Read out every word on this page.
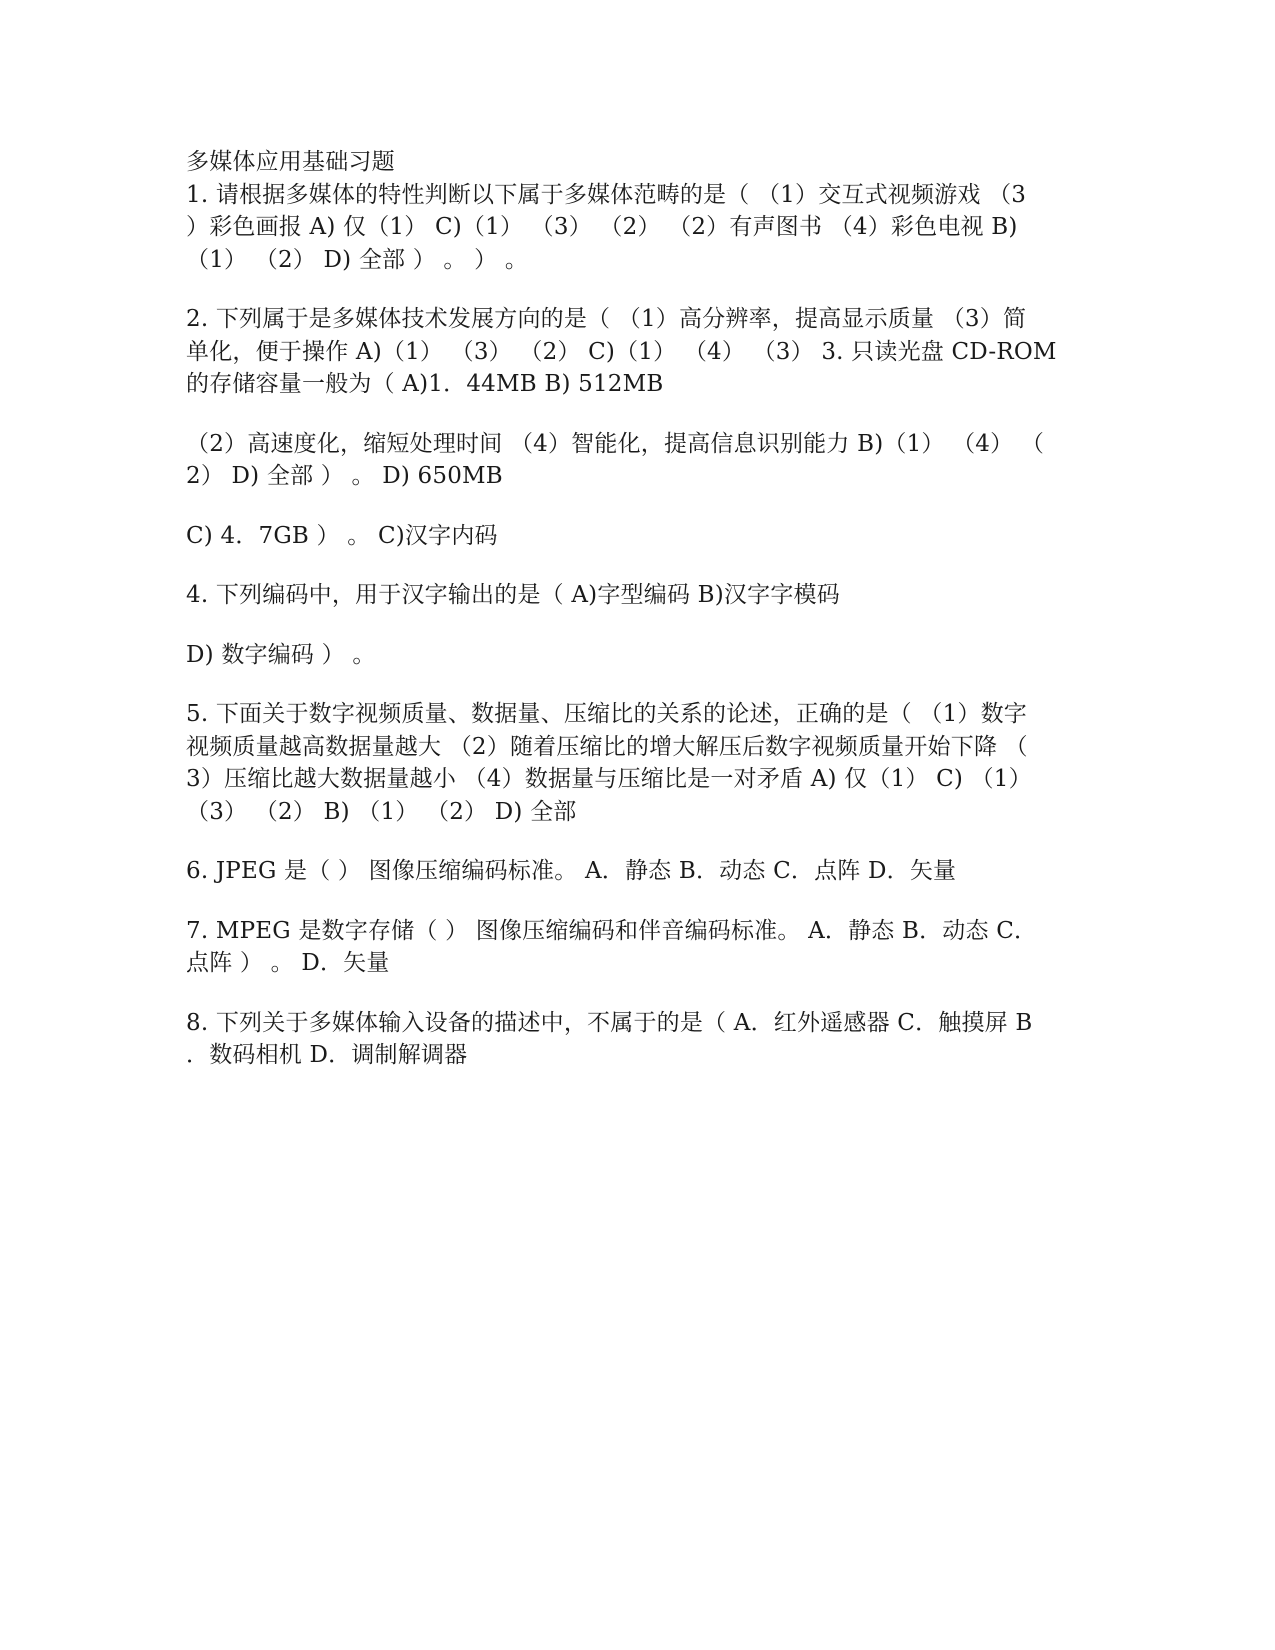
多媒体应用基础习题
1. 请根据多媒体的特性判断以下属于多媒体范畴的是（ （1）交互式视频游戏 （3
）彩色画报 A) 仅（1） C)（1） （3） （2） （2）有声图书 （4）彩色电视 B)
（1） （2） D) 全部 ） 。 ） 。
2. 下列属于是多媒体技术发展方向的是（ （1）高分辨率，提高显示质量 （3）简
单化，便于操作 A)（1） （3） （2） C)（1） （4） （3） 3. 只读光盘 CD-ROM
的存储容量一般为（ A)1．44MB B) 512MB
（2）高速度化，缩短处理时间 （4）智能化，提高信息识别能力 B)（1） （4） （
2） D) 全部 ） 。 D) 650MB
C) 4．7GB ） 。 C)汉字内码
4. 下列编码中，用于汉字输出的是（ A)字型编码 B)汉字字模码
D) 数字编码 ） 。
5. 下面关于数字视频质量、数据量、压缩比的关系的论述，正确的是（ （1）数字
视频质量越高数据量越大 （2）随着压缩比的增大解压后数字视频质量开始下降 （
3）压缩比越大数据量越小 （4）数据量与压缩比是一对矛盾 A) 仅（1） C) （1）
（3） （2） B) （1） （2） D) 全部
6. JPEG 是（ ） 图像压缩编码标准。 A．静态 B．动态 C．点阵 D．矢量
7. MPEG 是数字存储（ ） 图像压缩编码和伴音编码标准。 A．静态 B．动态 C．
点阵 ） 。 D．矢量
8. 下列关于多媒体输入设备的描述中，不属于的是（ A．红外遥感器 C．触摸屏 B
．数码相机 D．调制解调器
